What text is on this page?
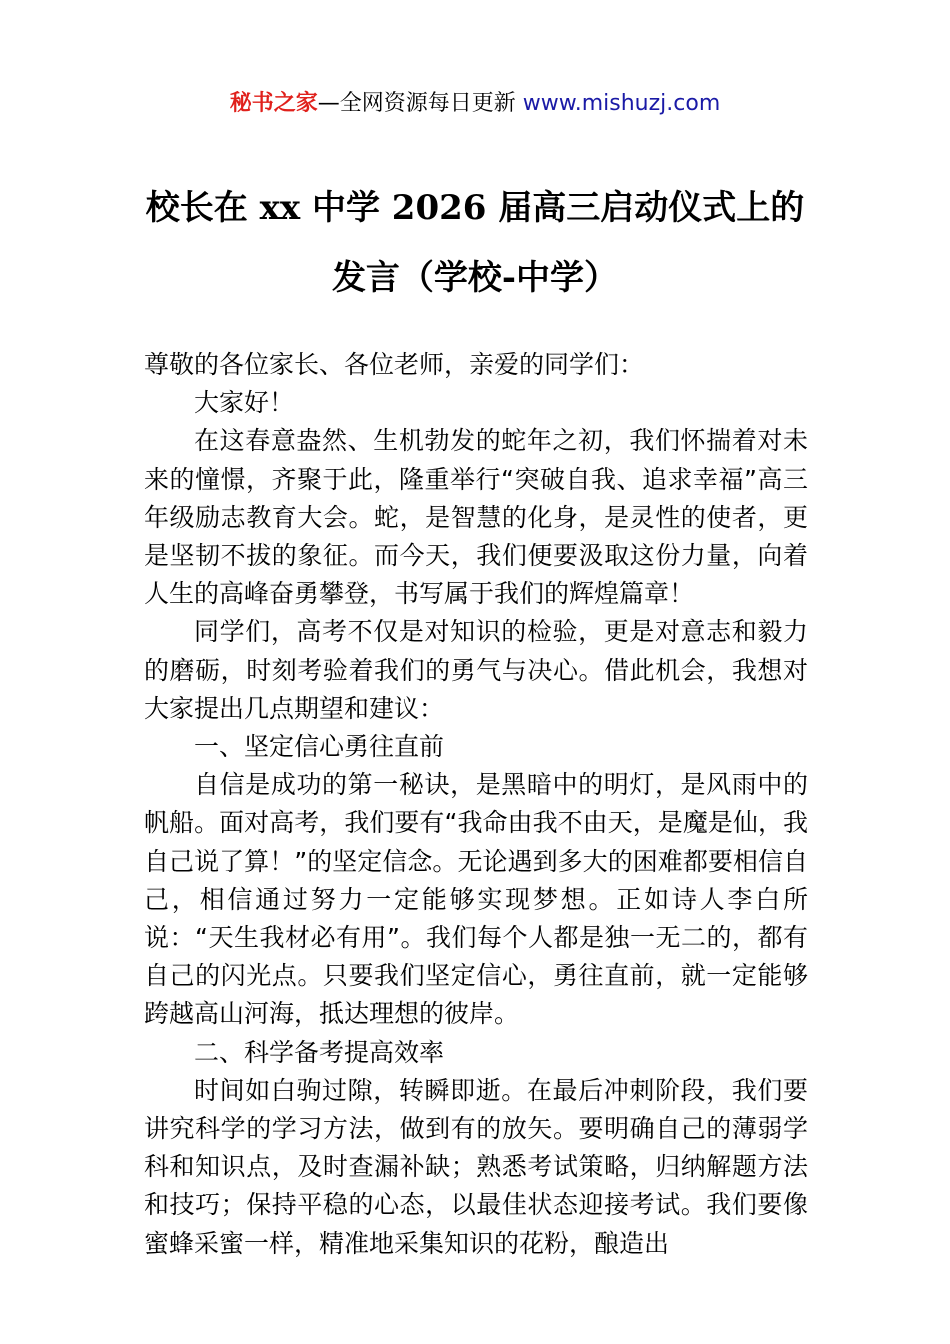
秘书之家—全网资源每日更新 www.mishuzj.com
校长在 xx 中学 2026 届高三启动仪式上的
发言（学校-中学）

尊敬的各位家长、各位老师，亲爱的同学们：

大家好！

在这春意盎然、生机勃发的蛇年之初，我们怀揣着对未来的憧憬，齐聚于此，隆重举行“突破自我、追求幸福”高三年级励志教育大会。蛇，是智慧的化身，是灵性的使者，更是坚韧不拔的象征。而今天，我们便要汲取这份力量，向着人生的高峰奋勇攀登，书写属于我们的辉煌篇章！

同学们，高考不仅是对知识的检验，更是对意志和毅力的磨砺，时刻考验着我们的勇气与决心。借此机会，我想对大家提出几点期望和建议：

一、坚定信心勇往直前

自信是成功的第一秘诀，是黑暗中的明灯，是风雨中的帆船。面对高考，我们要有“我命由我不由天，是魔是仙，我自己说了算！”的坚定信念。无论遇到多大的困难都要相信自己，相信通过努力一定能够实现梦想。正如诗人李白所说：“天生我材必有用”。我们每个人都是独一无二的，都有自己的闪光点。只要我们坚定信心，勇往直前，就一定能够跨越高山河海，抵达理想的彼岸。

二、科学备考提高效率

时间如白驹过隙，转瞬即逝。在最后冲刺阶段，我们要讲究科学的学习方法，做到有的放矢。要明确自己的薄弱学科和知识点，及时查漏补缺；熟悉考试策略，归纳解题方法和技巧；保持平稳的心态，以最佳状态迎接考试。我们要像蜜蜂采蜜一样，精准地采集知识的花粉，酿造出
